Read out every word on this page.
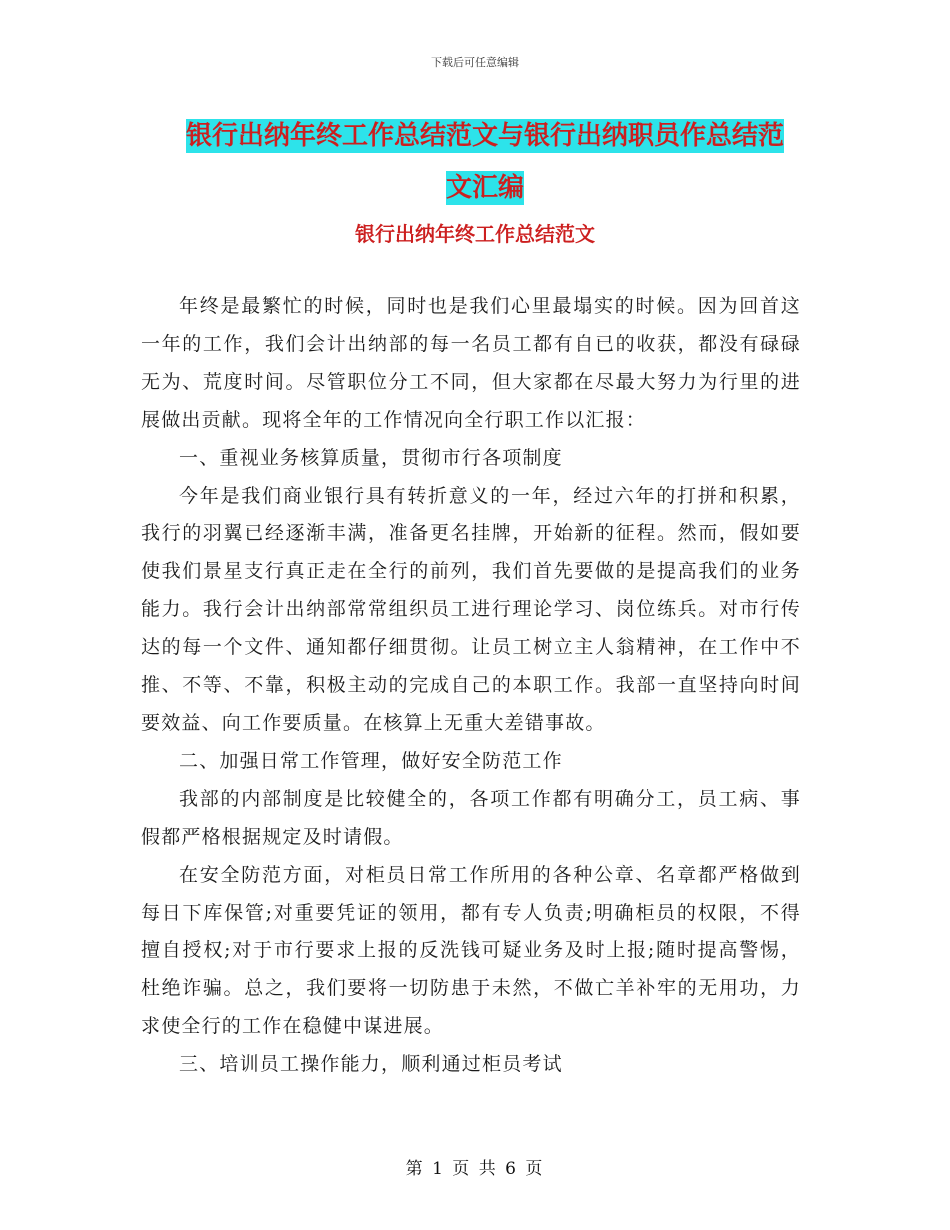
下载后可任意编辑
银行出纳年终工作总结范文与银行出纳职员作总结范
文汇编
银行出纳年终工作总结范文

年终是最繁忙的时候，同时也是我们心里最塌实的时候。因为回首这一年的工作，我们会计出纳部的每一名员工都有自已的收获，都没有碌碌无为、荒度时间。尽管职位分工不同，但大家都在尽最大努力为行里的进展做出贡献。现将全年的工作情况向全行职工作以汇报：

一、重视业务核算质量，贯彻市行各项制度

今年是我们商业银行具有转折意义的一年，经过六年的打拼和积累，我行的羽翼已经逐渐丰满，准备更名挂牌，开始新的征程。然而，假如要使我们景星支行真正走在全行的前列，我们首先要做的是提高我们的业务能力。我行会计出纳部常常组织员工进行理论学习、岗位练兵。对市行传达的每一个文件、通知都仔细贯彻。让员工树立主人翁精神，在工作中不推、不等、不靠，积极主动的完成自己的本职工作。我部一直坚持向时间要效益、向工作要质量。在核算上无重大差错事故。

二、加强日常工作管理，做好安全防范工作

我部的内部制度是比较健全的，各项工作都有明确分工，员工病、事假都严格根据规定及时请假。

在安全防范方面，对柜员日常工作所用的各种公章、名章都严格做到每日下库保管;对重要凭证的领用，都有专人负责;明确柜员的权限，不得擅自授权;对于市行要求上报的反洗钱可疑业务及时上报;随时提高警惕，杜绝诈骗。总之，我们要将一切防患于未然，不做亡羊补牢的无用功，力求使全行的工作在稳健中谋进展。

三、培训员工操作能力，顺利通过柜员考试

第 1 页 共 6 页
